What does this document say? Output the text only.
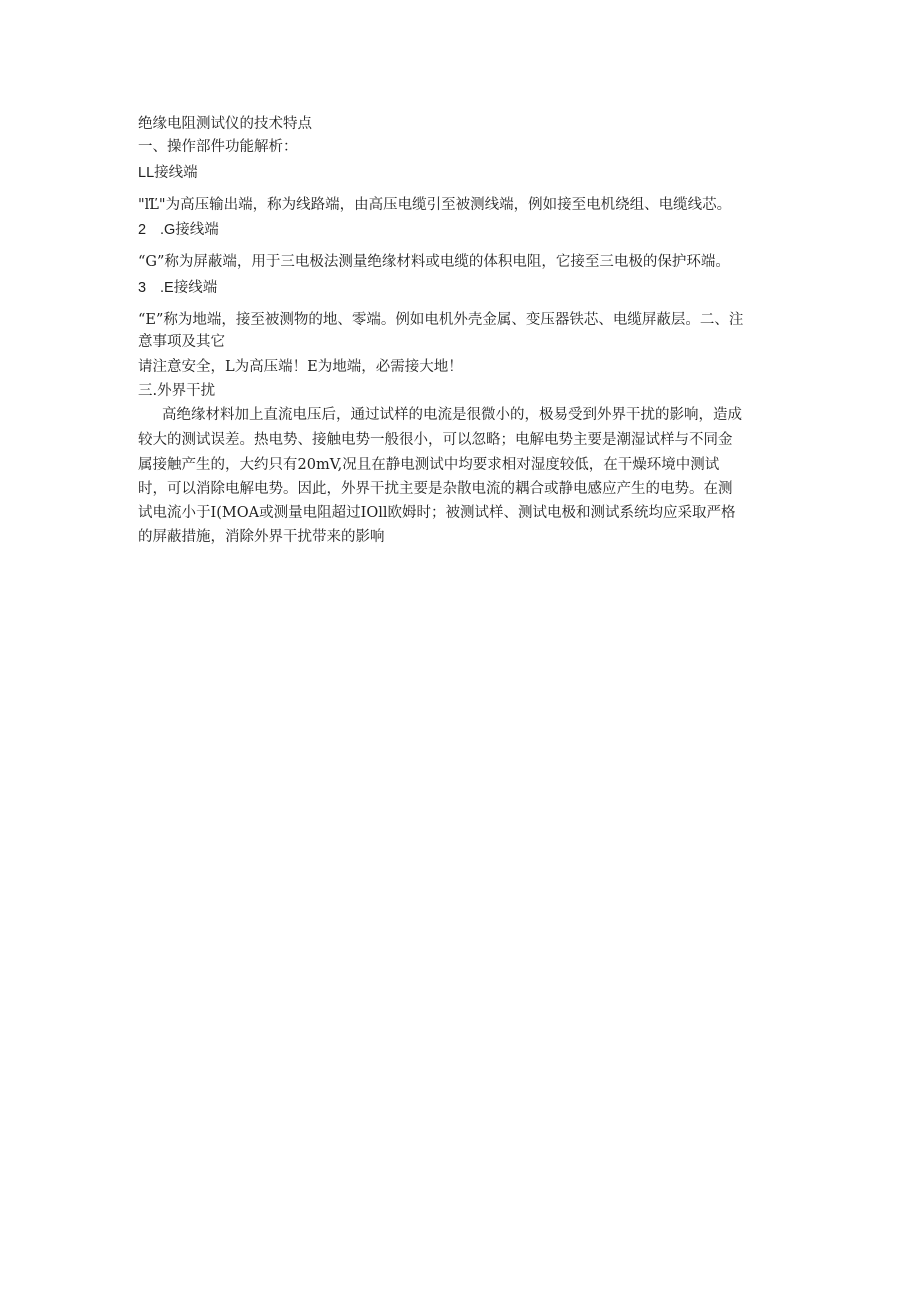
绝缘电阻测试仪的技术特点
一、操作部件功能解析：
LL接线端
"ľĽ"为高压输出端，称为线路端，由高压电缆引至被测线端，例如接至电机绕组、电缆线芯。
2 .G接线端
“G”称为屏蔽端，用于三电极法测量绝缘材料或电缆的体积电阻，它接至三电极的保护环端。
3 .E接线端
“E”称为地端，接至被测物的地、零端。例如电机外壳金属、变压器铁芯、电缆屏蔽层。二、注
意事项及其它
请注意安全，L为高压端！E为地端，必需接大地！
三.外界干扰
高绝缘材料加上直流电压后，通过试样的电流是很微小的，极易受到外界干扰的影响，造成
较大的测试误差。热电势、接触电势一般很小，可以忽略；电解电势主要是潮湿试样与不同金
属接触产生的，大约只有20mV,况且在静电测试中均要求相对湿度较低，在干燥环境中测试
时，可以消除电解电势。因此，外界干扰主要是杂散电流的耦合或静电感应产生的电势。在测
试电流小于I(MOA或测量电阻超过IOll欧姆时；被测试样、测试电极和测试系统均应采取严格
的屏蔽措施，消除外界干扰带来的影响
